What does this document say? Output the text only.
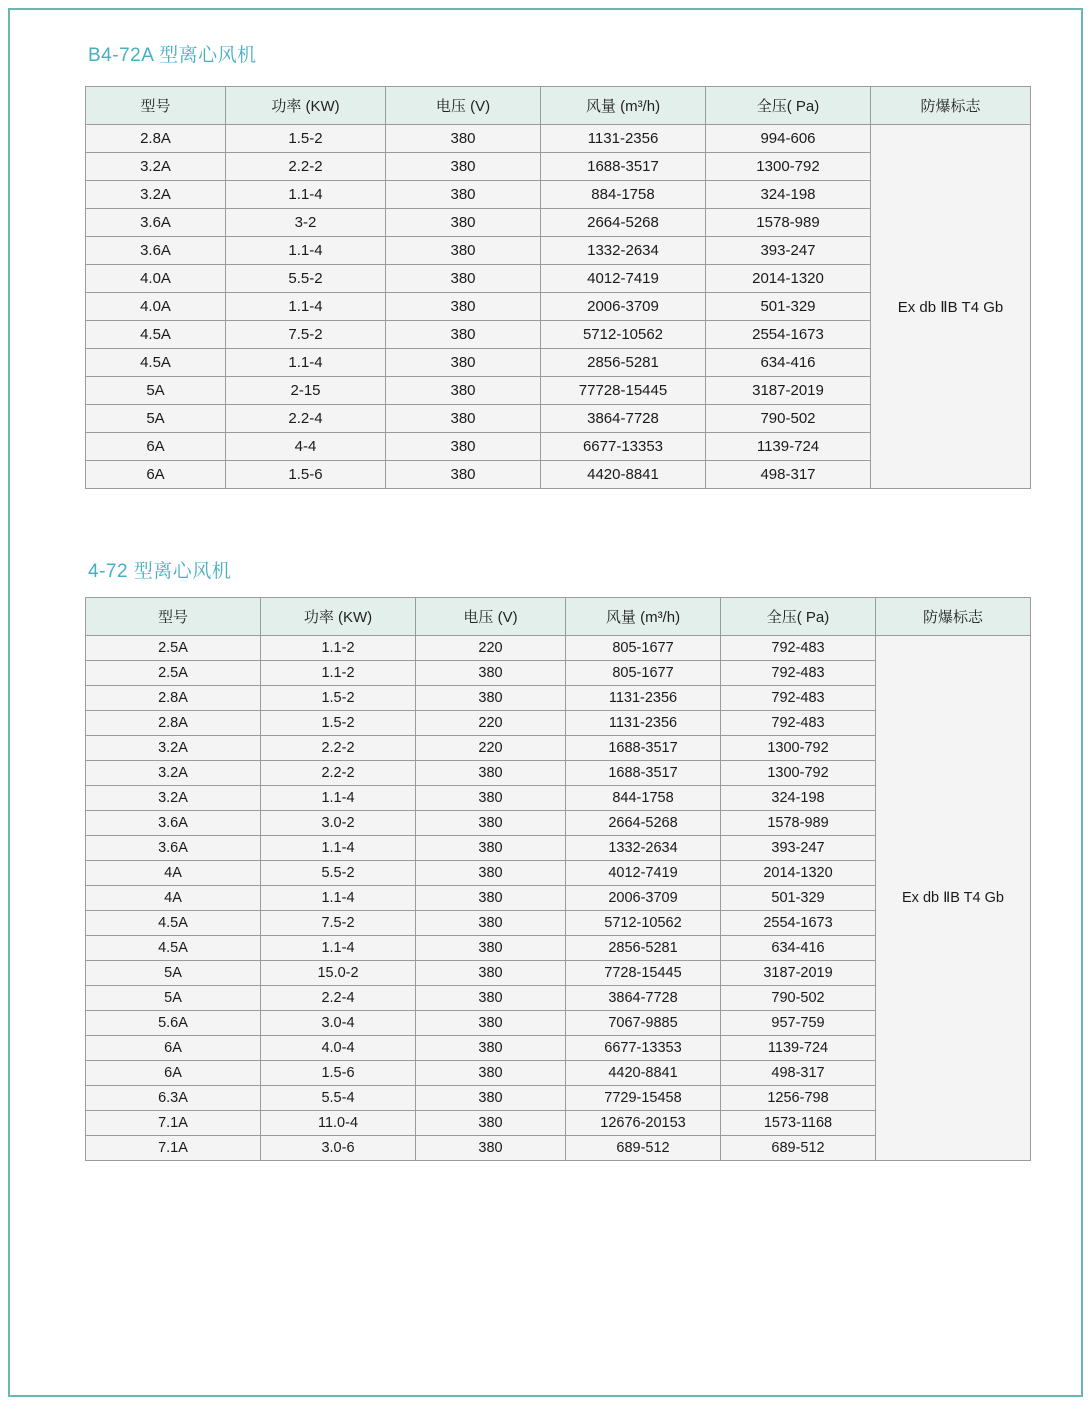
B4-72A 型离心风机
型号	功率 (KW)	电压 (V)	风量 (m³/h)	全压( Pa)	防爆标志
2.8A	1.5-2	380	1131-2356	994-606	Ex db ⅡB T4 Gb
3.2A	2.2-2	380	1688-3517	1300-792	
3.2A	1.1-4	380	884-1758	324-198	
3.6A	3-2	380	2664-5268	1578-989	
3.6A	1.1-4	380	1332-2634	393-247	
4.0A	5.5-2	380	4012-7419	2014-1320	
4.0A	1.1-4	380	2006-3709	501-329	
4.5A	7.5-2	380	5712-10562	2554-1673	
4.5A	1.1-4	380	2856-5281	634-416	
5A	2-15	380	77728-15445	3187-2019	
5A	2.2-4	380	3864-7728	790-502	
6A	4-4	380	6677-13353	1139-724	
6A	1.5-6	380	4420-8841	498-317	
4-72 型离心风机
型号	功率 (KW)	电压 (V)	风量 (m³/h)	全压( Pa)	防爆标志
2.5A	1.1-2	220	805-1677	792-483	Ex db ⅡB T4 Gb
2.5A	1.1-2	380	805-1677	792-483	
2.8A	1.5-2	380	1131-2356	792-483	
2.8A	1.5-2	220	1131-2356	792-483	
3.2A	2.2-2	220	1688-3517	1300-792	
3.2A	2.2-2	380	1688-3517	1300-792	
3.2A	1.1-4	380	844-1758	324-198	
3.6A	3.0-2	380	2664-5268	1578-989	
3.6A	1.1-4	380	1332-2634	393-247	
4A	5.5-2	380	4012-7419	2014-1320	
4A	1.1-4	380	2006-3709	501-329	
4.5A	7.5-2	380	5712-10562	2554-1673	
4.5A	1.1-4	380	2856-5281	634-416	
5A	15.0-2	380	7728-15445	3187-2019	
5A	2.2-4	380	3864-7728	790-502	
5.6A	3.0-4	380	7067-9885	957-759	
6A	4.0-4	380	6677-13353	1139-724	
6A	1.5-6	380	4420-8841	498-317	
6.3A	5.5-4	380	7729-15458	1256-798	
7.1A	11.0-4	380	12676-20153	1573-1168	
7.1A	3.0-6	380	689-512	689-512	
